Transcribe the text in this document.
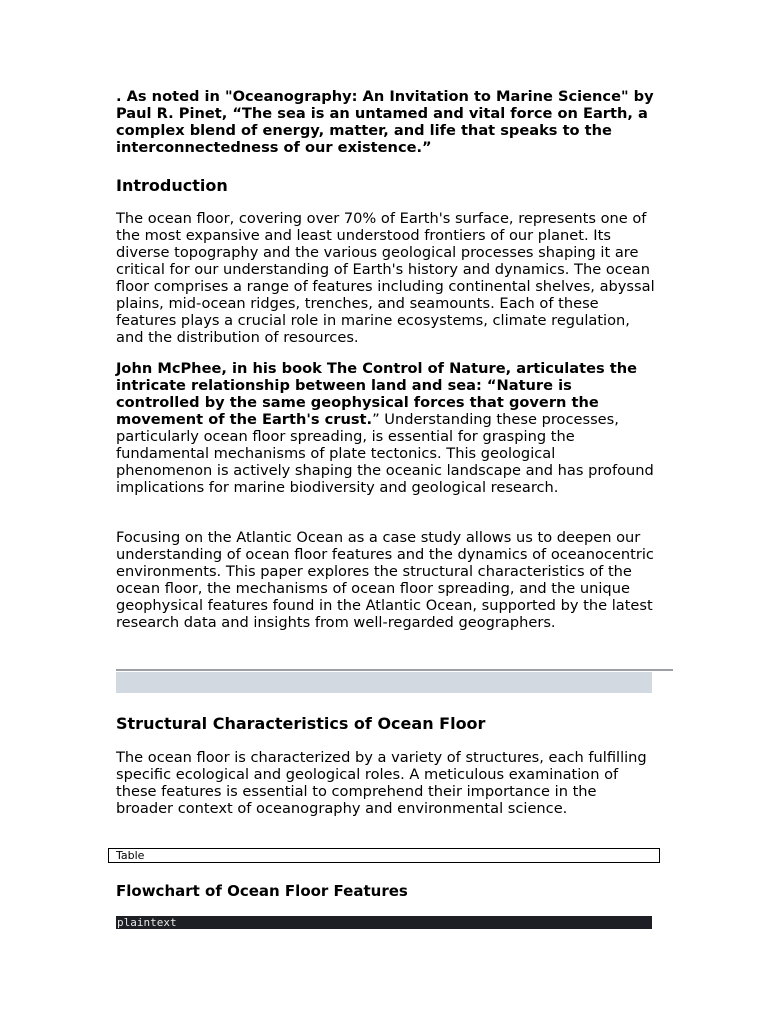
. As noted in "Oceanography: An Invitation to Marine Science" by Paul R. Pinet, “The sea is an untamed and vital force on Earth, a complex blend of energy, matter, and life that speaks to the interconnectedness of our existence.”

Introduction

The ocean floor, covering over 70% of Earth's surface, represents one of the most expansive and least understood frontiers of our planet. Its diverse topography and the various geological processes shaping it are critical for our understanding of Earth's history and dynamics. The ocean floor comprises a range of features including continental shelves, abyssal plains, mid-ocean ridges, trenches, and seamounts. Each of these features plays a crucial role in marine ecosystems, climate regulation, and the distribution of resources.

John McPhee, in his book The Control of Nature, articulates the intricate relationship between land and sea: “Nature is controlled by the same geophysical forces that govern the movement of the Earth's crust.” Understanding these processes, particularly ocean floor spreading, is essential for grasping the fundamental mechanisms of plate tectonics. This geological phenomenon is actively shaping the oceanic landscape and has profound implications for marine biodiversity and geological research.

Focusing on the Atlantic Ocean as a case study allows us to deepen our understanding of ocean floor features and the dynamics of oceanocentric environments. This paper explores the structural characteristics of the ocean floor, the mechanisms of ocean floor spreading, and the unique geophysical features found in the Atlantic Ocean, supported by the latest research data and insights from well-regarded geographers.

Structural Characteristics of Ocean Floor

The ocean floor is characterized by a variety of structures, each fulfilling specific ecological and geological roles. A meticulous examination of these features is essential to comprehend their importance in the broader context of oceanography and environmental science.

Table
Flowchart of Ocean Floor Features
plaintext
